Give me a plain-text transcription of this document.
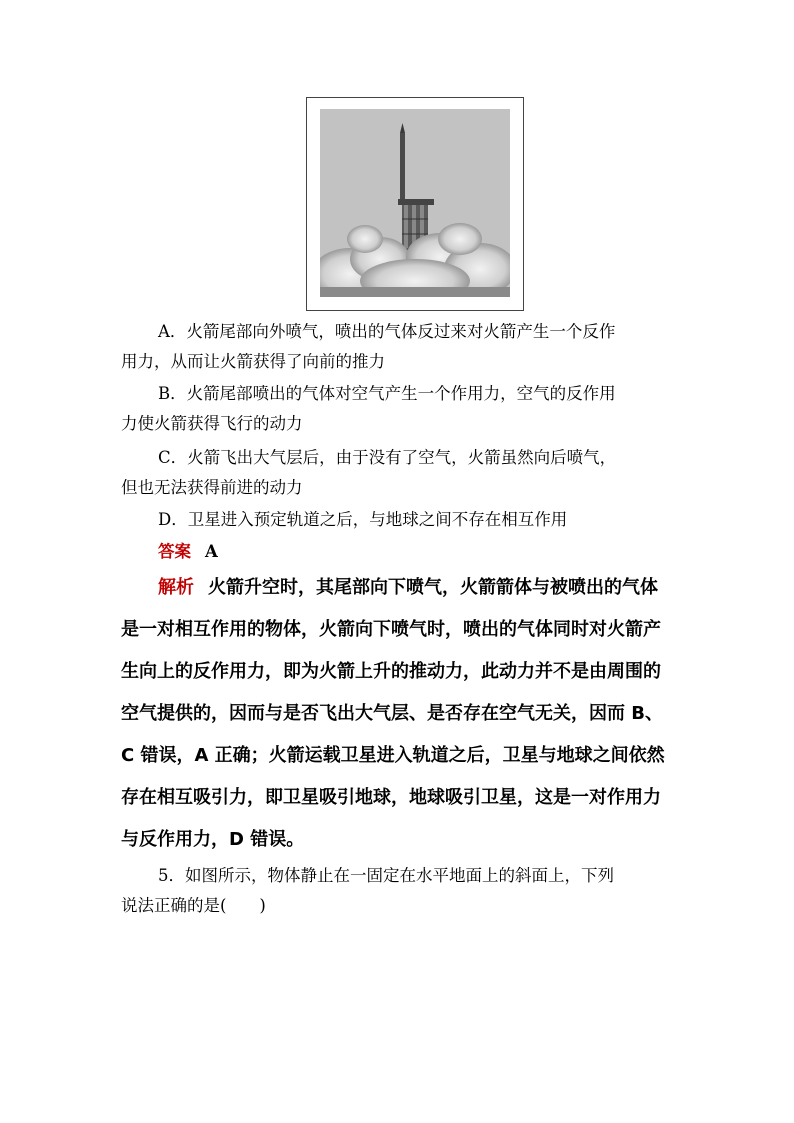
A．火箭尾部向外喷气，喷出的气体反过来对火箭产生一个反作
用力，从而让火箭获得了向前的推力
B．火箭尾部喷出的气体对空气产生一个作用力，空气的反作用
力使火箭获得飞行的动力
C．火箭飞出大气层后，由于没有了空气，火箭虽然向后喷气，
但也无法获得前进的动力
D．卫星进入预定轨道之后，与地球之间不存在相互作用
答案 A
解析 火箭升空时，其尾部向下喷气，火箭箭体与被喷出的气体
是一对相互作用的物体，火箭向下喷气时，喷出的气体同时对火箭产
生向上的反作用力，即为火箭上升的推动力，此动力并不是由周围的
空气提供的，因而与是否飞出大气层、是否存在空气无关，因而 B、
C 错误，A 正确；火箭运载卫星进入轨道之后，卫星与地球之间依然
存在相互吸引力，即卫星吸引地球，地球吸引卫星，这是一对作用力
与反作用力，D 错误。
5．如图所示，物体静止在一固定在水平地面上的斜面上，下列
说法正确的是(　　)
